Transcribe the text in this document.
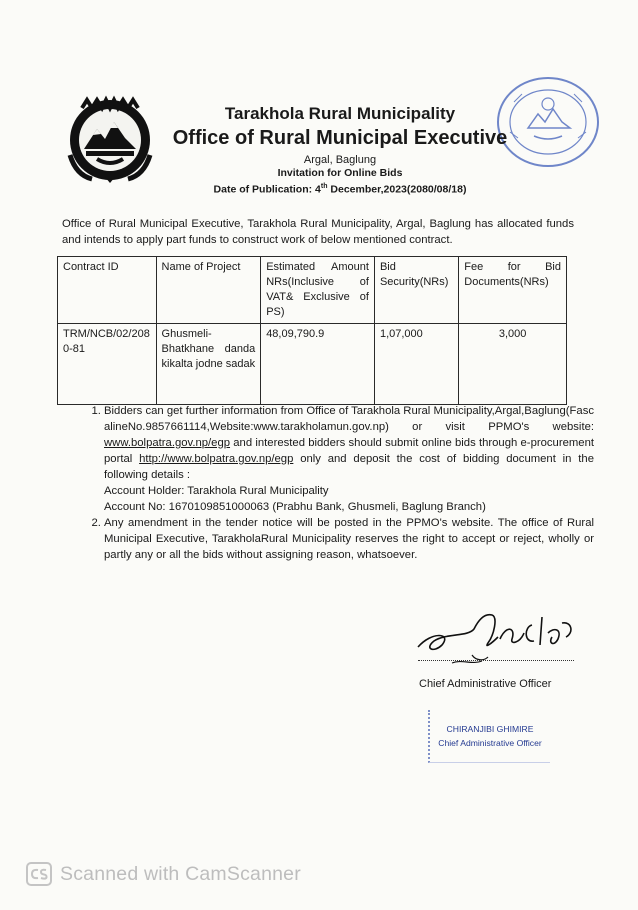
Tarakhola Rural Municipality
Office of Rural Municipal Executive
Argal, Baglung
Invitation for Online Bids
Date of Publication: 4th December,2023(2080/08/18)
Office of Rural Municipal Executive, Tarakhola Rural Municipality, Argal, Baglung has allocated funds and intends to apply part funds to construct work of below mentioned contract.
Contract ID	Name of Project	Estimated Amount NRs(Inclusive of VAT& Exclusive of PS)	Bid Security(NRs)	Fee for Bid Documents(NRs)
TRM/NCB/02/2080-81	Ghusmeli-Bhatkhane danda kikalta jodne sadak	48,09,790.9	1,07,000	3,000
1. Bidders can get further information from Office of Tarakhola Rural Municipality,Argal,Baglung(FascalineNo.9857661114,Website:www.tarakholamun.gov.np) or visit PPMO's website: www.bolpatra.gov.np/egp and interested bidders should submit online bids through e-procurement portal http://www.bolpatra.gov.np/egp only and deposit the cost of bidding document in the following details :
Account Holder: Tarakhola Rural Municipality
Account No: 1670109851000063 (Prabhu Bank, Ghusmeli, Baglung Branch)
2. Any amendment in the tender notice will be posted in the PPMO's website. The office of Rural Municipal Executive, TarakholaRural Municipality reserves the right to accept or reject, wholly or partly any or all the bids without assigning reason, whatsoever.
Chief Administrative Officer
CHIRANJIBI GHIMIRE
Chief Administrative Officer
Scanned with CamScanner
